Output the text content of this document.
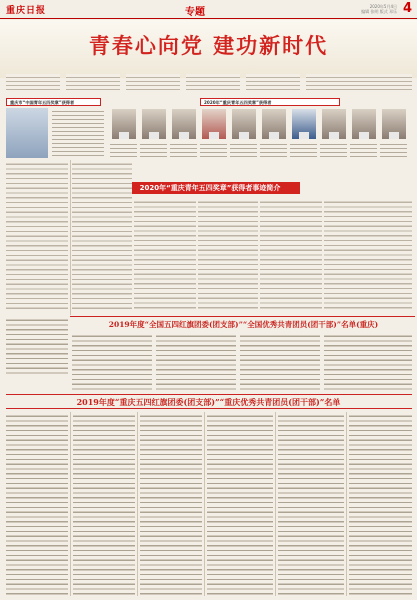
重庆日报	专题
2020年5月4日
编辑 张明 版式 邓乐 4
青春心向党 建功新时代
重庆市“中国青年五四奖章”获得者	2020年“重庆青年五四奖章”获得者
2020年“重庆青年五四奖章”获得者事迹简介
2019年度“全国五四红旗团委(团支部)”“全国优秀共青团员(团干部)”名单(重庆)
2019年度“重庆五四红旗团委(团支部)”“重庆优秀共青团员(团干部)”名单
